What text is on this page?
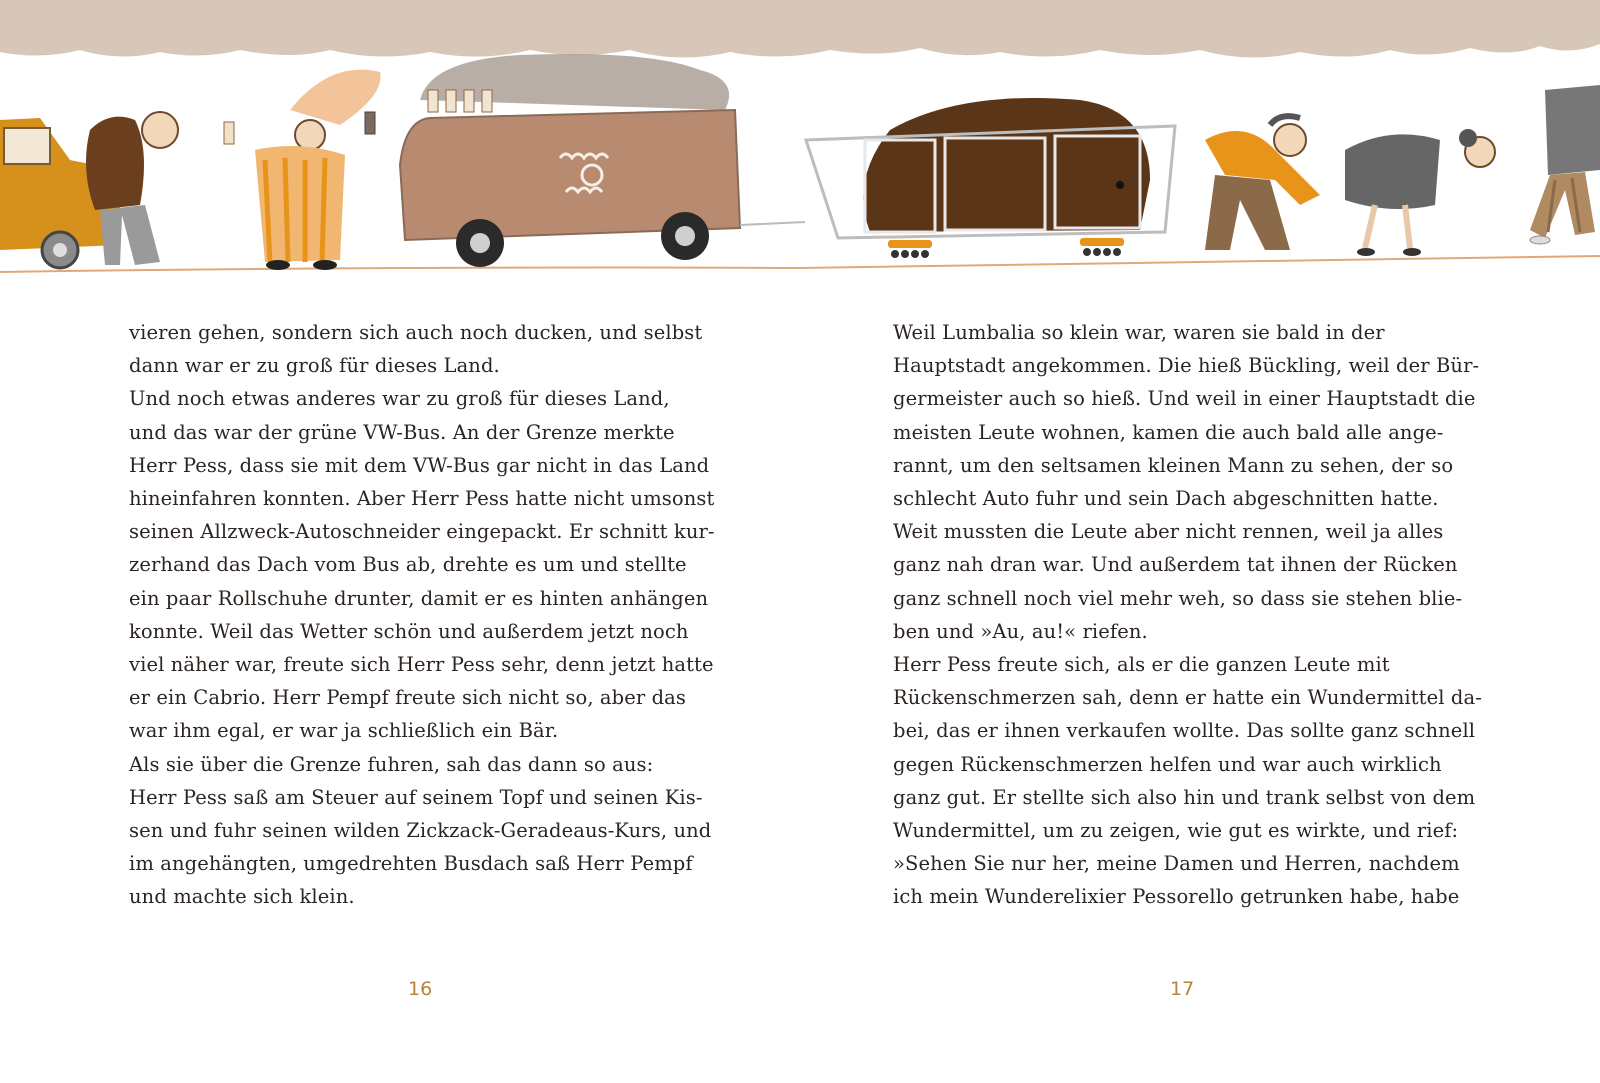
vieren gehen, sondern sich auch noch ducken, und selbst
dann war er zu groß für dieses Land.
Und noch etwas anderes war zu groß für dieses Land,
und das war der grüne VW-Bus. An der Grenze merkte
Herr Pess, dass sie mit dem VW-Bus gar nicht in das Land
hineinfahren konnten. Aber Herr Pess hatte nicht umsonst
seinen Allzweck-Autoschneider eingepackt. Er schnitt kur-
zerhand das Dach vom Bus ab, drehte es um und stellte
ein paar Rollschuhe drunter, damit er es hinten anhängen
konnte. Weil das Wetter schön und außerdem jetzt noch
viel näher war, freute sich Herr Pess sehr, denn jetzt hatte
er ein Cabrio. Herr Pempf freute sich nicht so, aber das
war ihm egal, er war ja schließlich ein Bär.
Als sie über die Grenze fuhren, sah das dann so aus:
Herr Pess saß am Steuer auf seinem Topf und seinen Kis-
sen und fuhr seinen wilden Zickzack-Geradeaus-Kurs, und
im angehängten, umgedrehten Busdach saß Herr Pempf
und machte sich klein.
Weil Lumbalia so klein war, waren sie bald in der
Hauptstadt angekommen. Die hieß Bückling, weil der Bür-
germeister auch so hieß. Und weil in einer Hauptstadt die
meisten Leute wohnen, kamen die auch bald alle ange-
rannt, um den seltsamen kleinen Mann zu sehen, der so
schlecht Auto fuhr und sein Dach abgeschnitten hatte.
Weit mussten die Leute aber nicht rennen, weil ja alles
ganz nah dran war. Und außerdem tat ihnen der Rücken
ganz schnell noch viel mehr weh, so dass sie stehen blie-
ben und »Au, au!« riefen.
Herr Pess freute sich, als er die ganzen Leute mit
Rückenschmerzen sah, denn er hatte ein Wundermittel da-
bei, das er ihnen verkaufen wollte. Das sollte ganz schnell
gegen Rückenschmerzen helfen und war auch wirklich
ganz gut. Er stellte sich also hin und trank selbst von dem
Wundermittel, um zu zeigen, wie gut es wirkte, und rief:
»Sehen Sie nur her, meine Damen und Herren, nachdem
ich mein Wunderelixier Pessorello getrunken habe, habe
16	17
